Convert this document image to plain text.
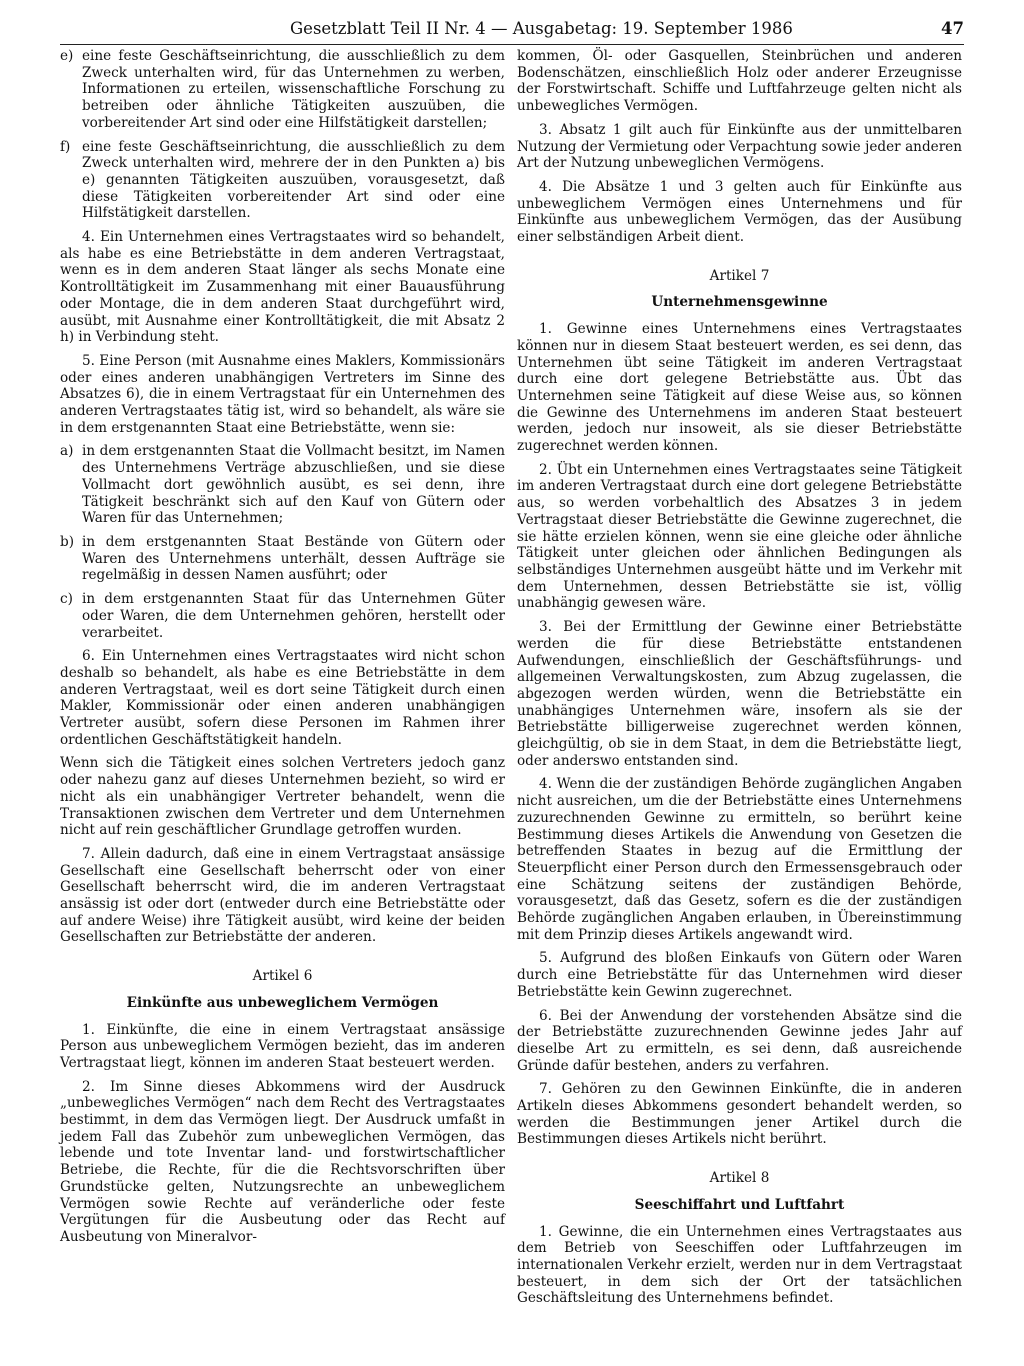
Gesetzblatt Teil II Nr. 4 — Ausgabetag: 19. September 1986	47
e) eine feste Geschäftseinrichtung, die ausschließlich zu dem Zweck unterhalten wird, für das Unternehmen zu werben, Informationen zu erteilen, wissenschaftliche Forschung zu betreiben oder ähnliche Tätigkeiten auszuüben, die vorbereitender Art sind oder eine Hilfstätigkeit darstellen;
f) eine feste Geschäftseinrichtung, die ausschließlich zu dem Zweck unterhalten wird, mehrere der in den Punkten a) bis e) genannten Tätigkeiten auszuüben, vorausgesetzt, daß diese Tätigkeiten vorbereitender Art sind oder eine Hilfstätigkeit darstellen.

4. Ein Unternehmen eines Vertragstaates wird so behandelt, als habe es eine Betriebstätte in dem anderen Vertragstaat, wenn es in dem anderen Staat länger als sechs Monate eine Kontrolltätigkeit im Zusammenhang mit einer Bauausführung oder Montage, die in dem anderen Staat durchgeführt wird, ausübt, mit Ausnahme einer Kontrolltätigkeit, die mit Absatz 2 h) in Verbindung steht.

5. Eine Person (mit Ausnahme eines Maklers, Kommissionärs oder eines anderen unabhängigen Vertreters im Sinne des Absatzes 6), die in einem Vertragstaat für ein Unternehmen des anderen Vertragstaates tätig ist, wird so behandelt, als wäre sie in dem erstgenannten Staat eine Betriebstätte, wenn sie:

a) in dem erstgenannten Staat die Vollmacht besitzt, im Namen des Unternehmens Verträge abzuschließen, und sie diese Vollmacht dort gewöhnlich ausübt, es sei denn, ihre Tätigkeit beschränkt sich auf den Kauf von Gütern oder Waren für das Unternehmen;
b) in dem erstgenannten Staat Bestände von Gütern oder Waren des Unternehmens unterhält, dessen Aufträge sie regelmäßig in dessen Namen ausführt; oder
c) in dem erstgenannten Staat für das Unternehmen Güter oder Waren, die dem Unternehmen gehören, herstellt oder verarbeitet.

6. Ein Unternehmen eines Vertragstaates wird nicht schon deshalb so behandelt, als habe es eine Betriebstätte in dem anderen Vertragstaat, weil es dort seine Tätigkeit durch einen Makler, Kommissionär oder einen anderen unabhängigen Vertreter ausübt, sofern diese Personen im Rahmen ihrer ordentlichen Geschäftstätigkeit handeln.

Wenn sich die Tätigkeit eines solchen Vertreters jedoch ganz oder nahezu ganz auf dieses Unternehmen bezieht, so wird er nicht als ein unabhängiger Vertreter behandelt, wenn die Transaktionen zwischen dem Vertreter und dem Unternehmen nicht auf rein geschäftlicher Grundlage getroffen wurden.

7. Allein dadurch, daß eine in einem Vertragstaat ansässige Gesellschaft eine Gesellschaft beherrscht oder von einer Gesellschaft beherrscht wird, die im anderen Vertragstaat ansässig ist oder dort (entweder durch eine Betriebstätte oder auf andere Weise) ihre Tätigkeit ausübt, wird keine der beiden Gesellschaften zur Betriebstätte der anderen.

Artikel 6

Einkünfte aus unbeweglichem Vermögen

1. Einkünfte, die eine in einem Vertragstaat ansässige Person aus unbeweglichem Vermögen bezieht, das im anderen Vertragstaat liegt, können im anderen Staat besteuert werden.

2. Im Sinne dieses Abkommens wird der Ausdruck „unbewegliches Vermögen“ nach dem Recht des Vertragstaates bestimmt, in dem das Vermögen liegt. Der Ausdruck umfaßt in jedem Fall das Zubehör zum unbeweglichen Vermögen, das lebende und tote Inventar land- und forstwirtschaftlicher Betriebe, die Rechte, für die die Rechtsvorschriften über Grundstücke gelten, Nutzungsrechte an unbeweglichem Vermögen sowie Rechte auf veränderliche oder feste Vergütungen für die Ausbeutung oder das Recht auf Ausbeutung von Mineralvor-

kommen, Öl- oder Gasquellen, Steinbrüchen und anderen Bodenschätzen, einschließlich Holz oder anderer Erzeugnisse der Forstwirtschaft. Schiffe und Luftfahrzeuge gelten nicht als unbewegliches Vermögen.

3. Absatz 1 gilt auch für Einkünfte aus der unmittelbaren Nutzung der Vermietung oder Verpachtung sowie jeder anderen Art der Nutzung unbeweglichen Vermögens.

4. Die Absätze 1 und 3 gelten auch für Einkünfte aus unbeweglichem Vermögen eines Unternehmens und für Einkünfte aus unbeweglichem Vermögen, das der Ausübung einer selbständigen Arbeit dient.

Artikel 7

Unternehmensgewinne

1. Gewinne eines Unternehmens eines Vertragstaates können nur in diesem Staat besteuert werden, es sei denn, das Unternehmen übt seine Tätigkeit im anderen Vertragstaat durch eine dort gelegene Betriebstätte aus. Übt das Unternehmen seine Tätigkeit auf diese Weise aus, so können die Gewinne des Unternehmens im anderen Staat besteuert werden, jedoch nur insoweit, als sie dieser Betriebstätte zugerechnet werden können.

2. Übt ein Unternehmen eines Vertragstaates seine Tätigkeit im anderen Vertragstaat durch eine dort gelegene Betriebstätte aus, so werden vorbehaltlich des Absatzes 3 in jedem Vertragstaat dieser Betriebstätte die Gewinne zugerechnet, die sie hätte erzielen können, wenn sie eine gleiche oder ähnliche Tätigkeit unter gleichen oder ähnlichen Bedingungen als selbständiges Unternehmen ausgeübt hätte und im Verkehr mit dem Unternehmen, dessen Betriebstätte sie ist, völlig unabhängig gewesen wäre.

3. Bei der Ermittlung der Gewinne einer Betriebstätte werden die für diese Betriebstätte entstandenen Aufwendungen, einschließlich der Geschäftsführungs- und allgemeinen Verwaltungskosten, zum Abzug zugelassen, die abgezogen werden würden, wenn die Betriebstätte ein unabhängiges Unternehmen wäre, insofern als sie der Betriebstätte billigerweise zugerechnet werden können, gleichgültig, ob sie in dem Staat, in dem die Betriebstätte liegt, oder anderswo entstanden sind.

4. Wenn die der zuständigen Behörde zugänglichen Angaben nicht ausreichen, um die der Betriebstätte eines Unternehmens zuzurechnenden Gewinne zu ermitteln, so berührt keine Bestimmung dieses Artikels die Anwendung von Gesetzen die betreffenden Staates in bezug auf die Ermittlung der Steuerpflicht einer Person durch den Ermessensgebrauch oder eine Schätzung seitens der zuständigen Behörde, vorausgesetzt, daß das Gesetz, sofern es die der zuständigen Behörde zugänglichen Angaben erlauben, in Übereinstimmung mit dem Prinzip dieses Artikels angewandt wird.

5. Aufgrund des bloßen Einkaufs von Gütern oder Waren durch eine Betriebstätte für das Unternehmen wird dieser Betriebstätte kein Gewinn zugerechnet.

6. Bei der Anwendung der vorstehenden Absätze sind die der Betriebstätte zuzurechnenden Gewinne jedes Jahr auf dieselbe Art zu ermitteln, es sei denn, daß ausreichende Gründe dafür bestehen, anders zu verfahren.

7. Gehören zu den Gewinnen Einkünfte, die in anderen Artikeln dieses Abkommens gesondert behandelt werden, so werden die Bestimmungen jener Artikel durch die Bestimmungen dieses Artikels nicht berührt.

Artikel 8

Seeschiffahrt und Luftfahrt

1. Gewinne, die ein Unternehmen eines Vertragstaates aus dem Betrieb von Seeschiffen oder Luftfahrzeugen im internationalen Verkehr erzielt, werden nur in dem Vertragstaat besteuert, in dem sich der Ort der tatsächlichen Geschäftsleitung des Unternehmens befindet.
